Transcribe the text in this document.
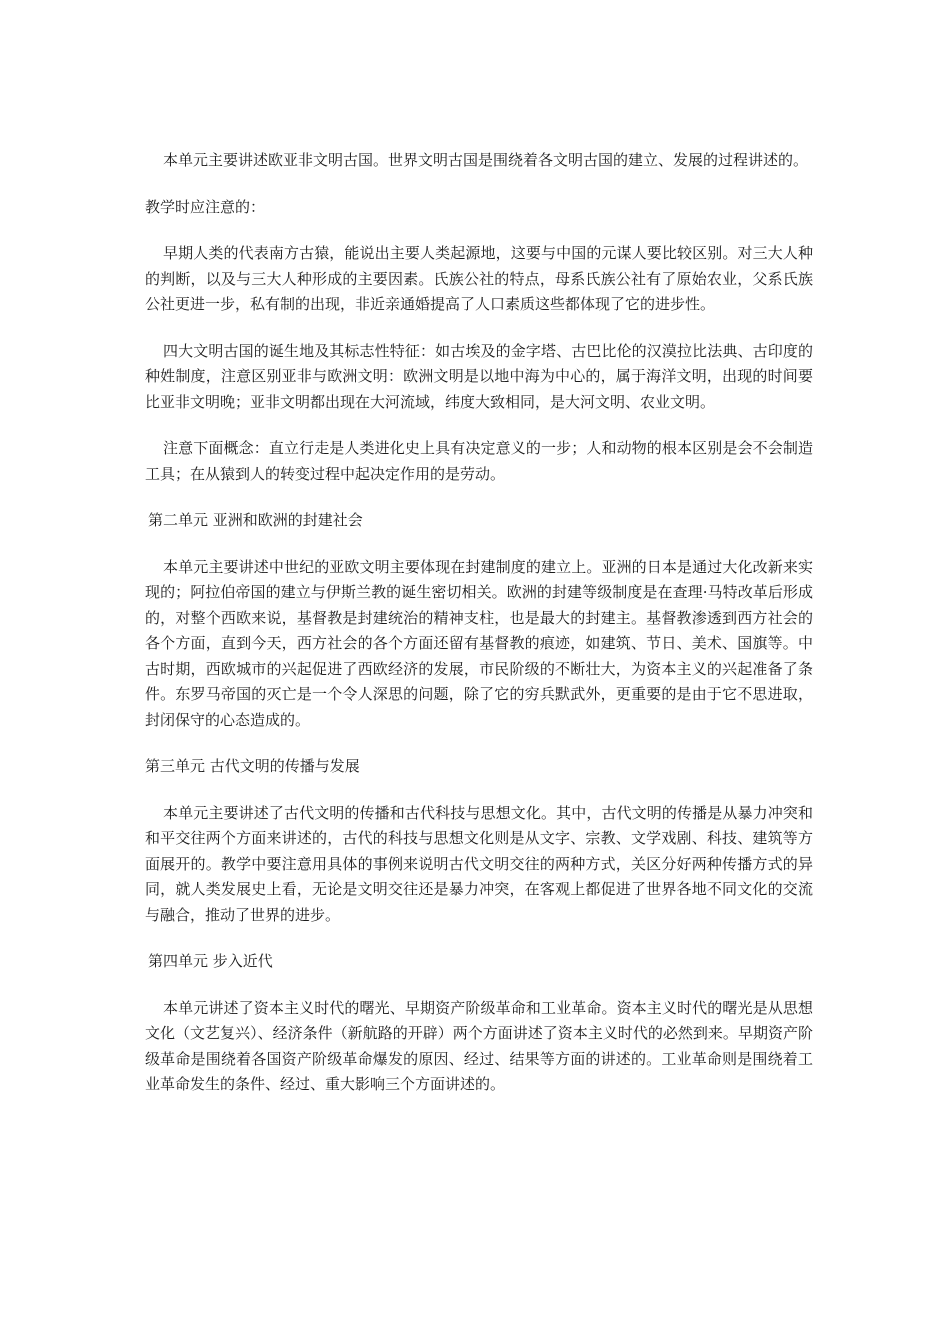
本单元主要讲述欧亚非文明古国。世界文明古国是围绕着各文明古国的建立、发展的过程讲述的。

教学时应注意的：

早期人类的代表南方古猿，能说出主要人类起源地，这要与中国的元谋人要比较区别。对三大人种的判断，以及与三大人种形成的主要因素。氏族公社的特点，母系氏族公社有了原始农业，父系氏族公社更进一步，私有制的出现，非近亲通婚提高了人口素质这些都体现了它的进步性。

四大文明古国的诞生地及其标志性特征：如古埃及的金字塔、古巴比伦的汉漠拉比法典、古印度的种姓制度，注意区别亚非与欧洲文明：欧洲文明是以地中海为中心的，属于海洋文明，出现的时间要比亚非文明晚；亚非文明都出现在大河流域，纬度大致相同，是大河文明、农业文明。

注意下面概念：直立行走是人类进化史上具有决定意义的一步；人和动物的根本区别是会不会制造工具；在从猿到人的转变过程中起决定作用的是劳动。

第二单元 亚洲和欧洲的封建社会

本单元主要讲述中世纪的亚欧文明主要体现在封建制度的建立上。亚洲的日本是通过大化改新来实现的；阿拉伯帝国的建立与伊斯兰教的诞生密切相关。欧洲的封建等级制度是在查理·马特改革后形成的，对整个西欧来说，基督教是封建统治的精神支柱，也是最大的封建主。基督教渗透到西方社会的各个方面，直到今天，西方社会的各个方面还留有基督教的痕迹，如建筑、节日、美术、国旗等。中古时期，西欧城市的兴起促进了西欧经济的发展，市民阶级的不断壮大，为资本主义的兴起准备了条件。东罗马帝国的灭亡是一个令人深思的问题，除了它的穷兵默武外，更重要的是由于它不思进取，封闭保守的心态造成的。

第三单元 古代文明的传播与发展

本单元主要讲述了古代文明的传播和古代科技与思想文化。其中，古代文明的传播是从暴力冲突和和平交往两个方面来讲述的，古代的科技与思想文化则是从文字、宗教、文学戏剧、科技、建筑等方面展开的。教学中要注意用具体的事例来说明古代文明交往的两种方式，关区分好两种传播方式的异同，就人类发展史上看，无论是文明交往还是暴力冲突，在客观上都促进了世界各地不同文化的交流与融合，推动了世界的进步。

第四单元 步入近代

本单元讲述了资本主义时代的曙光、早期资产阶级革命和工业革命。资本主义时代的曙光是从思想文化（文艺复兴）、经济条件（新航路的开辟）两个方面讲述了资本主义时代的必然到来。早期资产阶级革命是围绕着各国资产阶级革命爆发的原因、经过、结果等方面的讲述的。工业革命则是围绕着工业革命发生的条件、经过、重大影响三个方面讲述的。
